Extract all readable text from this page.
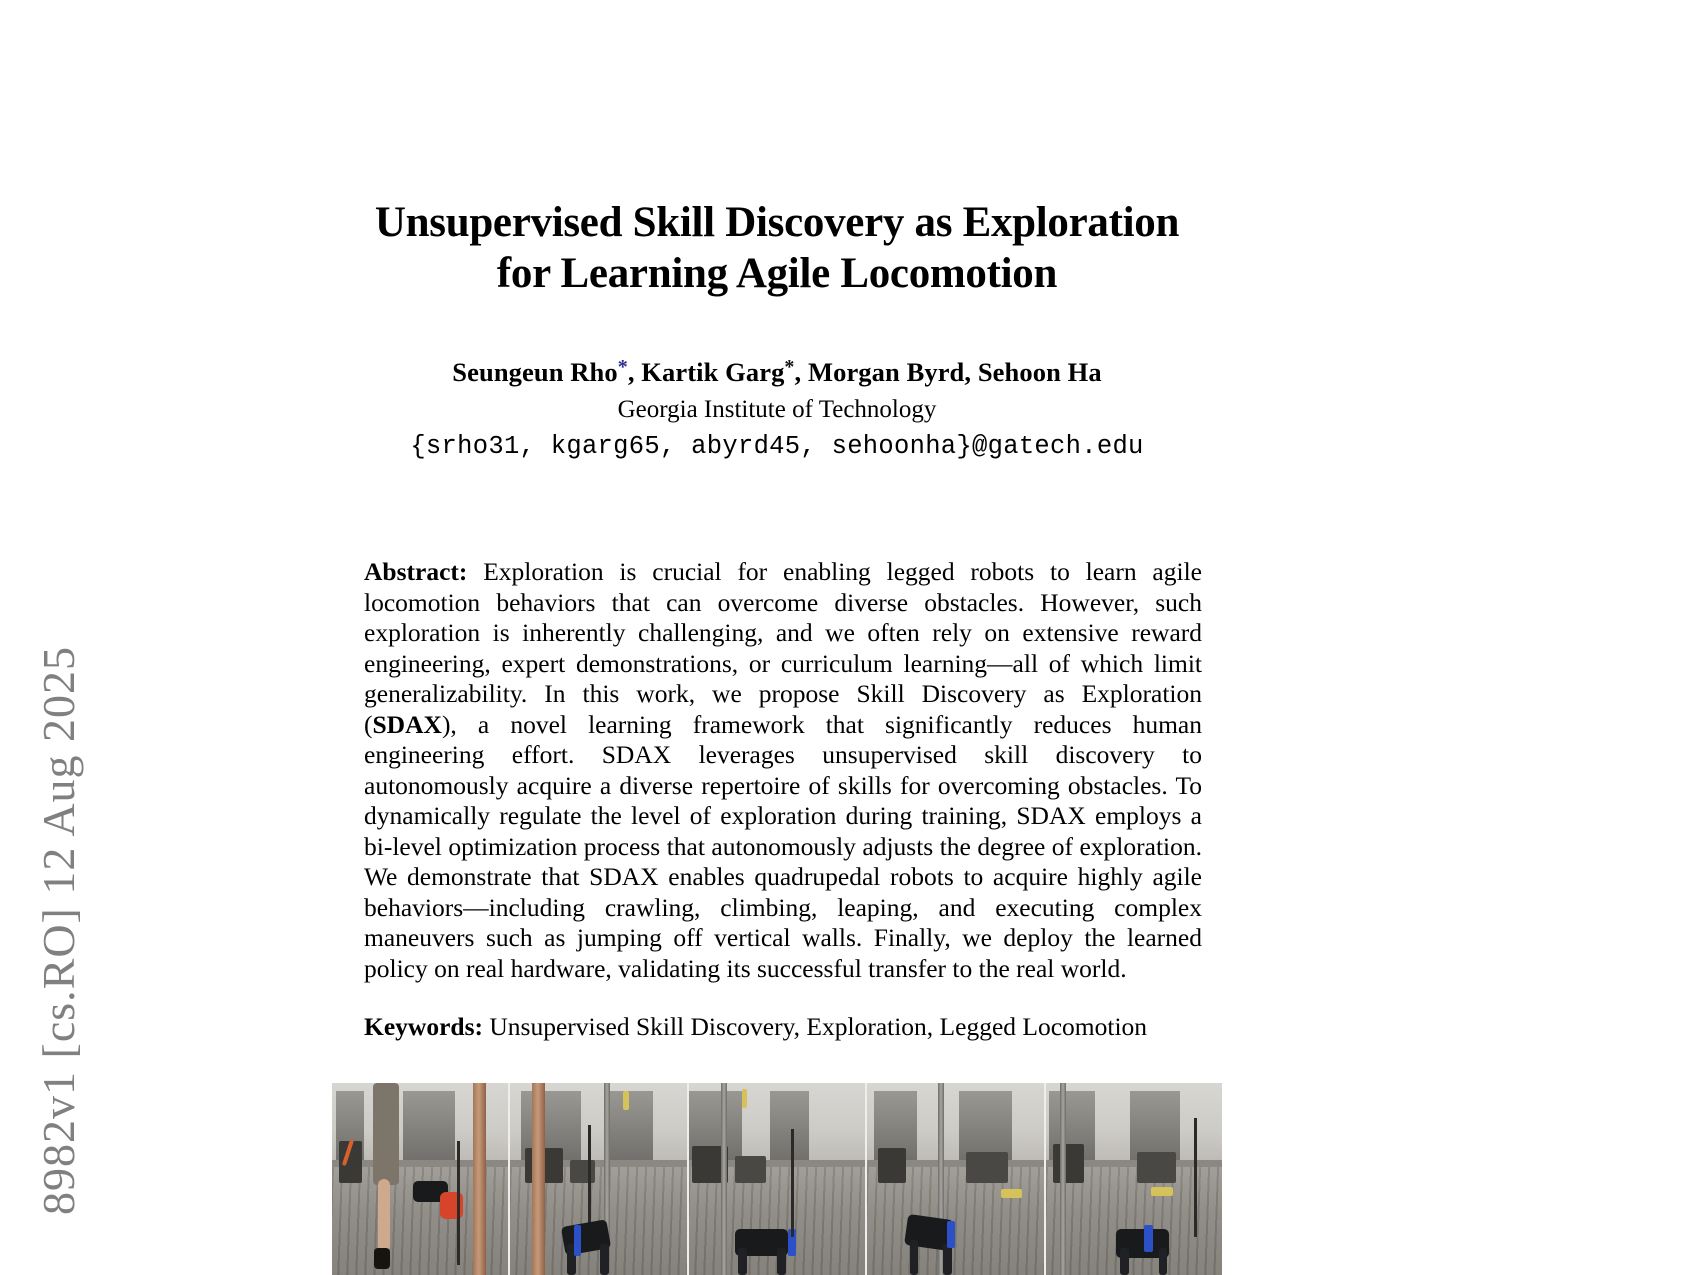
8982v1 [cs.RO] 12 Aug 2025
Unsupervised Skill Discovery as Exploration
for Learning Agile Locomotion
Seungeun Rho*, Kartik Garg*, Morgan Byrd, Sehoon Ha
Georgia Institute of Technology
{srho31, kgarg65, abyrd45, sehoonha}@gatech.edu

Abstract: Exploration is crucial for enabling legged robots to learn agile locomotion behaviors that can overcome diverse obstacles. However, such exploration is inherently challenging, and we often rely on extensive reward engineering, expert demonstrations, or curriculum learning—all of which limit generalizability. In this work, we propose Skill Discovery as Exploration (SDAX), a novel learning framework that significantly reduces human engineering effort. SDAX leverages unsupervised skill discovery to autonomously acquire a diverse repertoire of skills for overcoming obstacles. To dynamically regulate the level of exploration during training, SDAX employs a bi-level optimization process that autonomously adjusts the degree of exploration. We demonstrate that SDAX enables quadrupedal robots to acquire highly agile behaviors—including crawling, climbing, leaping, and executing complex maneuvers such as jumping off vertical walls. Finally, we deploy the learned policy on real hardware, validating its successful transfer to the real world.

Keywords: Unsupervised Skill Discovery, Exploration, Legged Locomotion
